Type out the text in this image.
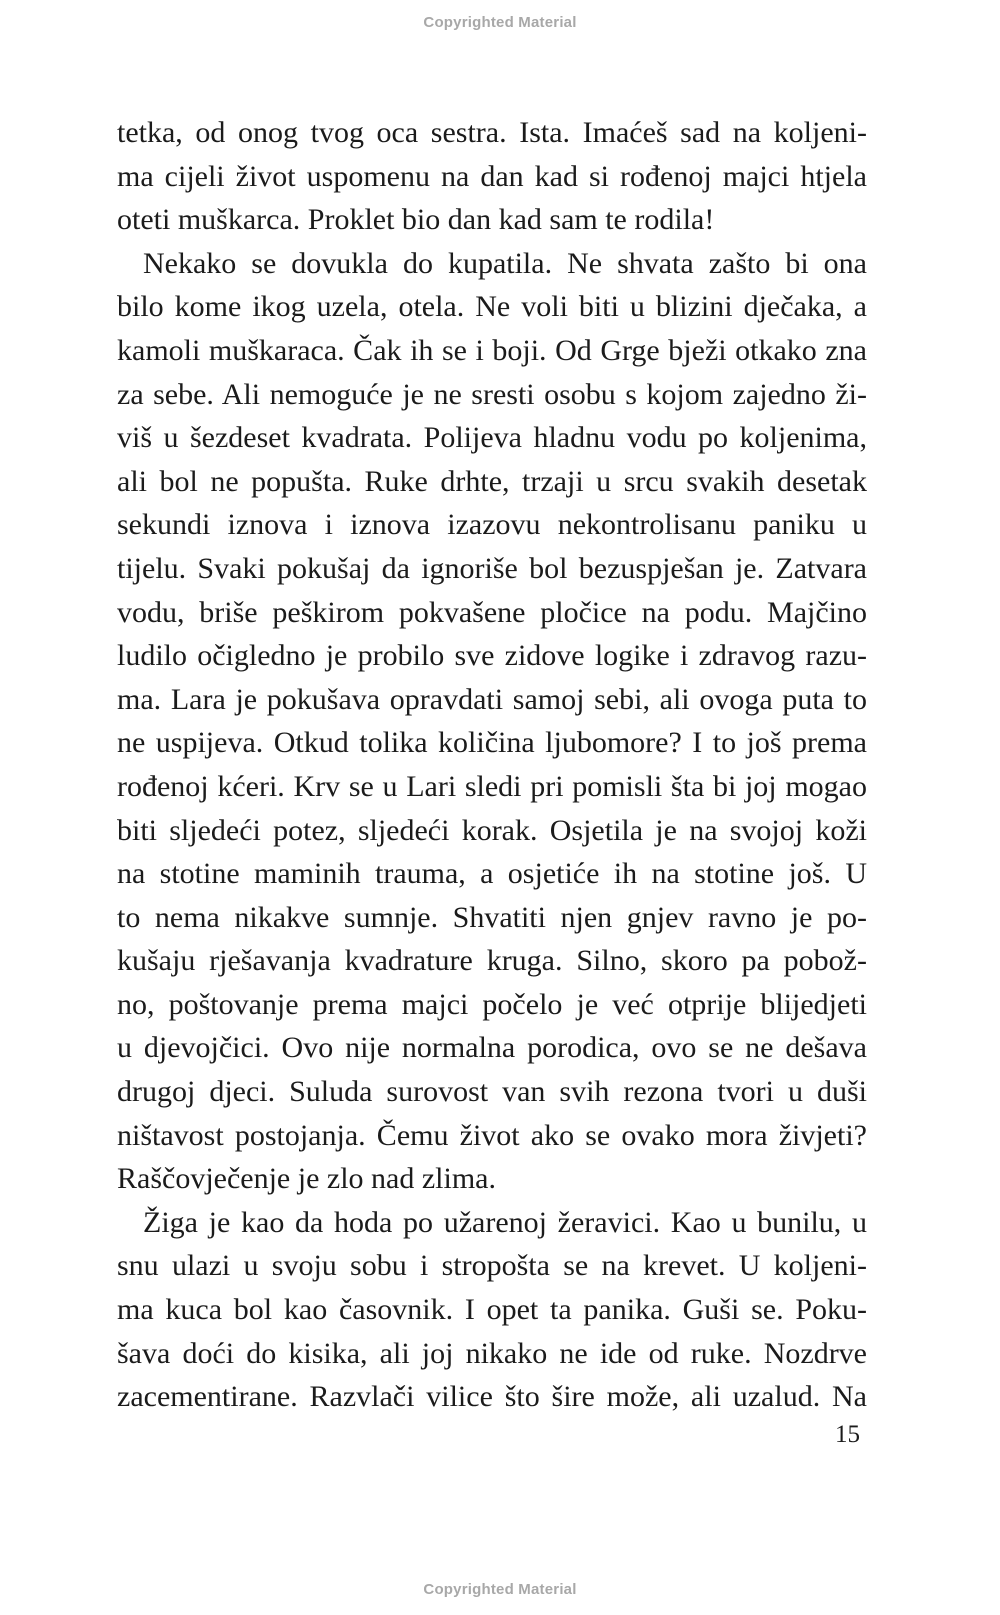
Copyrighted Material
tetka, od onog tvog oca sestra. Ista. Imaćeš sad na koljeni-
ma cijeli život uspomenu na dan kad si rođenoj majci htjela
oteti muškarca. Proklet bio dan kad sam te rodila!
Nekako se dovukla do kupatila. Ne shvata zašto bi ona
bilo kome ikog uzela, otela. Ne voli biti u blizini dječaka, a
kamoli muškaraca. Čak ih se i boji. Od Grge bježi otkako zna
za sebe. Ali nemoguće je ne sresti osobu s kojom zajedno ži-
viš u šezdeset kvadrata. Polijeva hladnu vodu po koljenima,
ali bol ne popušta. Ruke drhte, trzaji u srcu svakih desetak
sekundi iznova i iznova izazovu nekontrolisanu paniku u
tijelu. Svaki pokušaj da ignoriše bol bezuspješan je. Zatvara
vodu, briše peškirom pokvašene pločice na podu. Majčino
ludilo očigledno je probilo sve zidove logike i zdravog razu-
ma. Lara je pokušava opravdati samoj sebi, ali ovoga puta to
ne uspijeva. Otkud tolika količina ljubomore? I to još prema
rođenoj kćeri. Krv se u Lari sledi pri pomisli šta bi joj mogao
biti sljedeći potez, sljedeći korak. Osjetila je na svojoj koži
na stotine maminih trauma, a osjetiće ih na stotine još. U
to nema nikakve sumnje. Shvatiti njen gnjev ravno je po-
kušaju rješavanja kvadrature kruga. Silno, skoro pa pobož-
no, poštovanje prema majci počelo je već otprije blijedjeti
u djevojčici. Ovo nije normalna porodica, ovo se ne dešava
drugoj djeci. Suluda surovost van svih rezona tvori u duši
ništavost postojanja. Čemu život ako se ovako mora živjeti?
Raščovječenje je zlo nad zlima.
Žiga je kao da hoda po užarenoj žeravici. Kao u bunilu, u
snu ulazi u svoju sobu i stropošta se na krevet. U koljeni-
ma kuca bol kao časovnik. I opet ta panika. Guši se. Poku-
šava doći do kisika, ali joj nikako ne ide od ruke. Nozdrve
zacementirane. Razvlači vilice što šire može, ali uzalud. Na
15
Copyrighted Material
